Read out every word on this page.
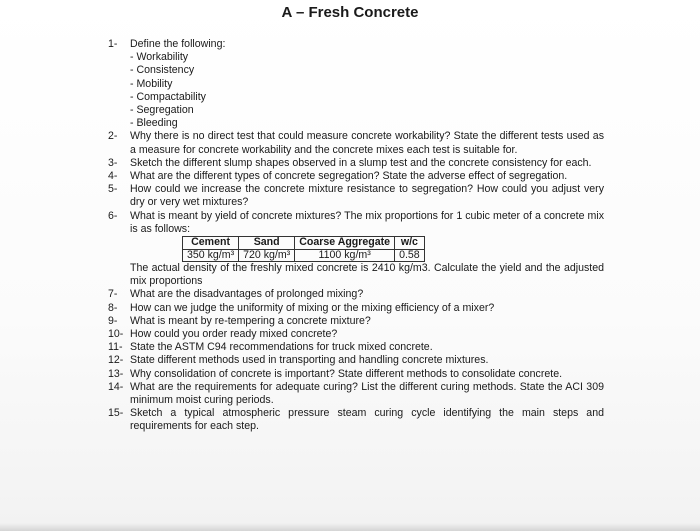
A – Fresh Concrete
1-	Define the following:
- Workability
- Consistency
- Mobility
- Compactability
- Segregation
- Bleeding
2-	Why there is no direct test that could measure concrete workability? State the different tests used as a measure for concrete workability and the concrete mixes each test is suitable for.
3-	Sketch the different slump shapes observed in a slump test and the concrete consistency for each.
4-	What are the different types of concrete segregation? State the adverse effect of segregation.
5-	How could we increase the concrete mixture resistance to segregation? How could you adjust very dry or very wet mixtures?
6-	What is meant by yield of concrete mixtures? The mix proportions for 1 cubic meter of a concrete mix is as follows:
Cement	Sand	Coarse Aggregate	w/c
350 kg/m³	720 kg/m³	1100 kg/m³	0.58
The actual density of the freshly mixed concrete is 2410 kg/m3. Calculate the yield and the adjusted mix proportions
7-	What are the disadvantages of prolonged mixing?
8-	How can we judge the uniformity of mixing or the mixing efficiency of a mixer?
9-	What is meant by re-tempering a concrete mixture?
10- How could you order ready mixed concrete?
11- State the ASTM C94 recommendations for truck mixed concrete.
12- State different methods used in transporting and handling concrete mixtures.
13- Why consolidation of concrete is important? State different methods to consolidate concrete.
14- What are the requirements for adequate curing? List the different curing methods. State the ACI 309 minimum moist curing periods.
15- Sketch a typical atmospheric pressure steam curing cycle identifying the main steps and requirements for each step.
